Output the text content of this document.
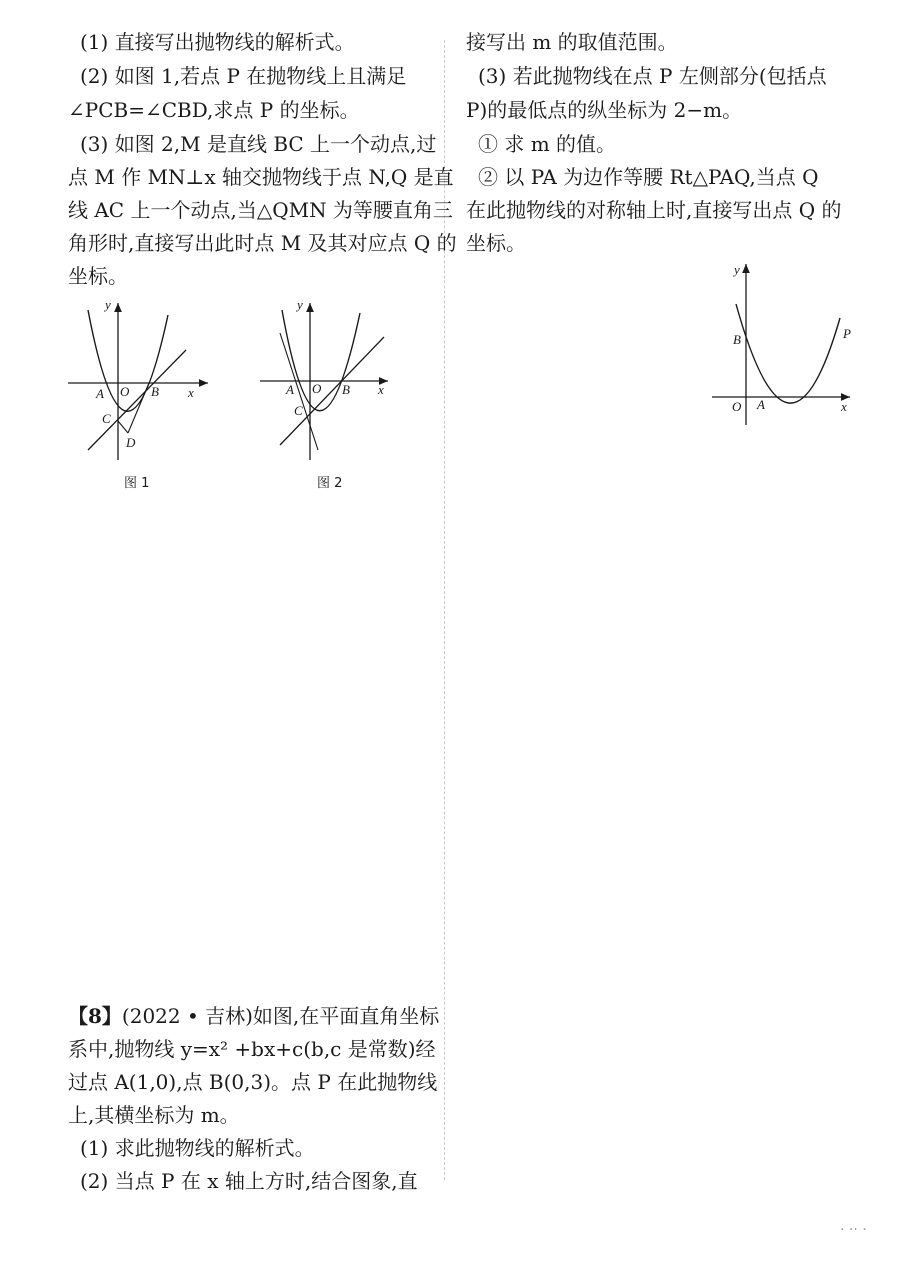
(1) 直接写出抛物线的解析式。
(2) 如图 1,若点 P 在抛物线上且满足
∠PCB=∠CBD,求点 P 的坐标。
(3) 如图 2,M 是直线 BC 上一个动点,过
点 M 作 MN⊥x 轴交抛物线于点 N,Q 是直
线 AC 上一个动点,当△QMN 为等腰直角三
角形时,直接写出此时点 M 及其对应点 Q 的
坐标。
y
x
A O B
C
D
图 1
y
x
A O B
C
图 2
【8】(2022 • 吉林)如图,在平面直角坐标
系中,抛物线 y=x² +bx+c(b,c 是常数)经
过点 A(1,0),点 B(0,3)。点 P 在此抛物线
上,其横坐标为 m。
(1) 求此抛物线的解析式。
(2) 当点 P 在 x 轴上方时,结合图象,直
接写出 m 的取值范围。
(3) 若此抛物线在点 P 左侧部分(包括点
P)的最低点的纵坐标为 2−m。
① 求 m 的值。
② 以 PA 为边作等腰 Rt△PAQ,当点 Q
在此抛物线的对称轴上时,直接写出点 Q 的
坐标。
y
x
B	P
O A
· ·· ·
